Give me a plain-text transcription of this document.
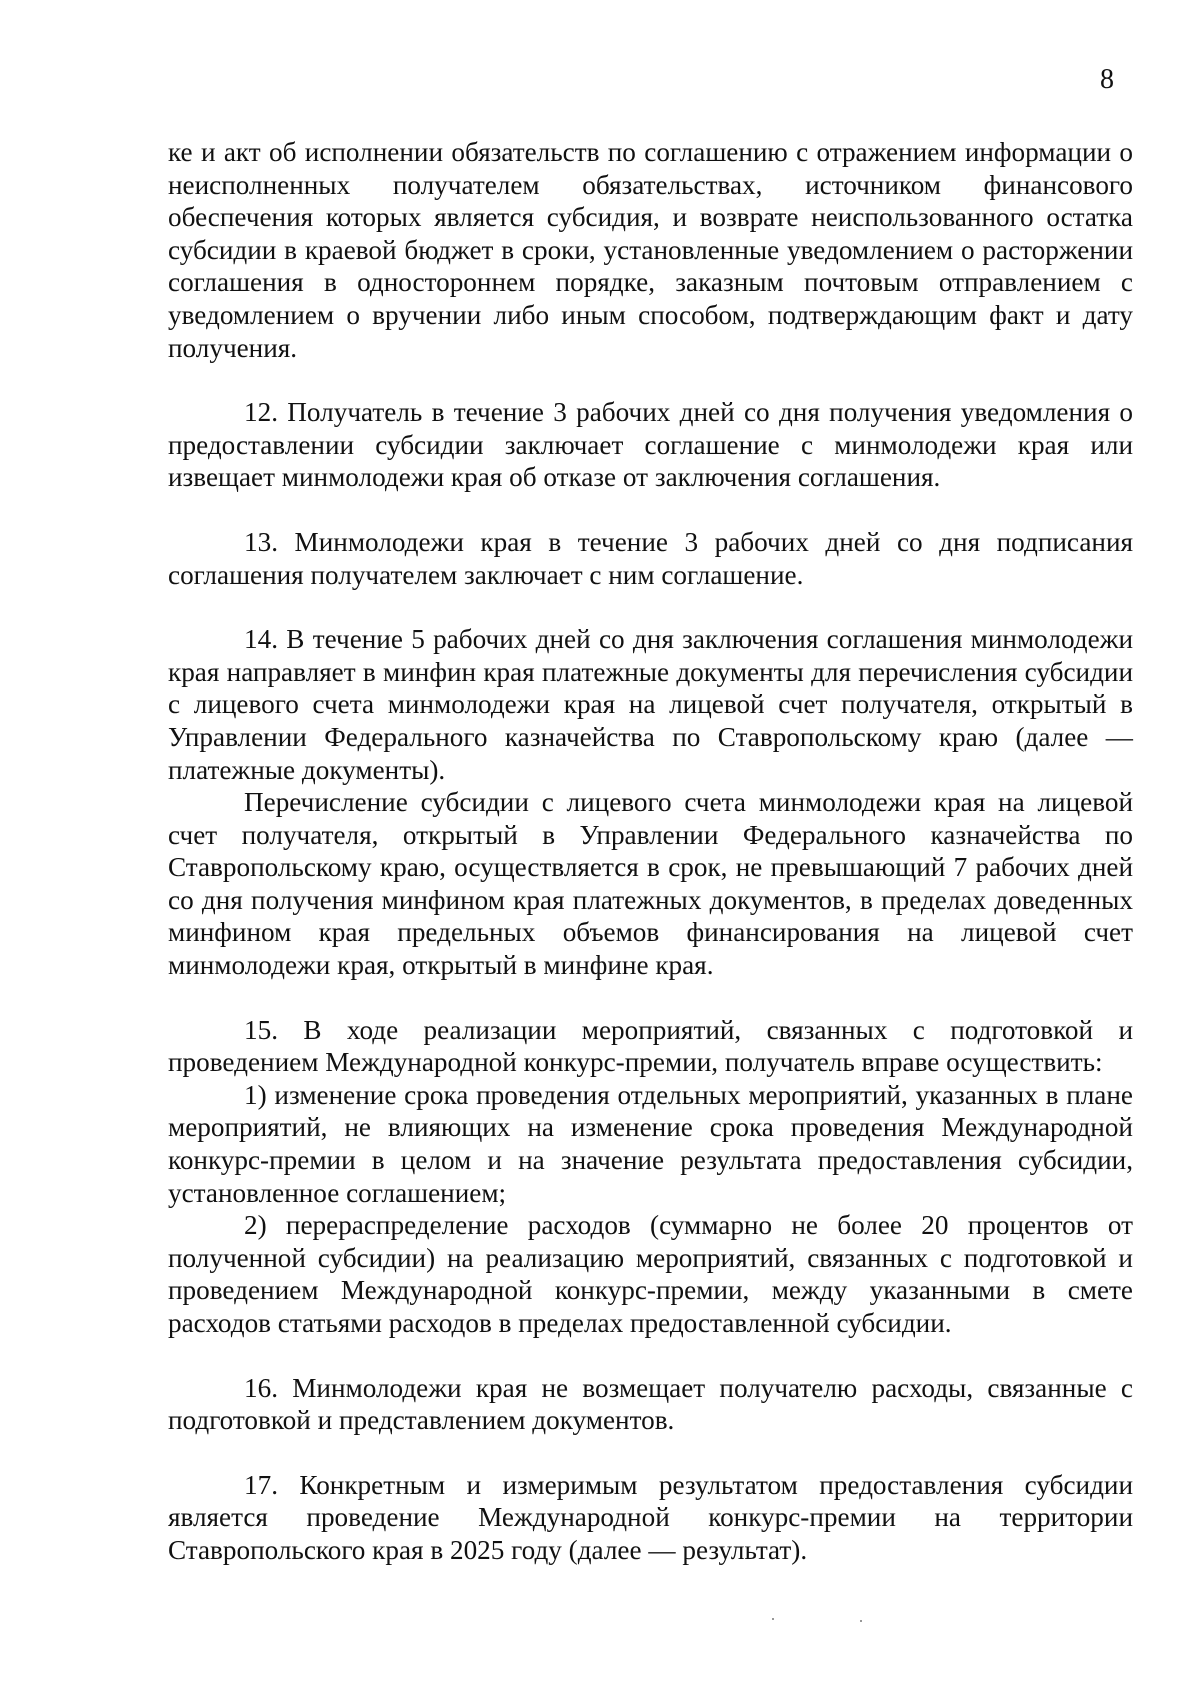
8

ке и акт об исполнении обязательств по соглашению с отражением информации о неисполненных получателем обязательствах, источником финансового обеспечения которых является субсидия, и возврате неиспользованного остатка субсидии в краевой бюджет в сроки, установленные уведомлением о расторжении соглашения в одностороннем порядке, заказным почтовым отправлением с уведомлением о вручении либо иным способом, подтверждающим факт и дату получения.

12. Получатель в течение 3 рабочих дней со дня получения уведомления о предоставлении субсидии заключает соглашение с минмолодежи края или извещает минмолодежи края об отказе от заключения соглашения.

13. Минмолодежи края в течение 3 рабочих дней со дня подписания соглашения получателем заключает с ним соглашение.

14. В течение 5 рабочих дней со дня заключения соглашения минмолодежи края направляет в минфин края платежные документы для перечисления субсидии с лицевого счета минмолодежи края на лицевой счет получателя, открытый в Управлении Федерального казначейства по Ставропольскому краю (далее — платежные документы).

Перечисление субсидии с лицевого счета минмолодежи края на лицевой счет получателя, открытый в Управлении Федерального казначейства по Ставропольскому краю, осуществляется в срок, не превышающий 7 рабочих дней со дня получения минфином края платежных документов, в пределах доведенных минфином края предельных объемов финансирования на лицевой счет минмолодежи края, открытый в минфине края.

15. В ходе реализации мероприятий, связанных с подготовкой и проведением Международной конкурс-премии, получатель вправе осуществить:

1) изменение срока проведения отдельных мероприятий, указанных в плане мероприятий, не влияющих на изменение срока проведения Международной конкурс-премии в целом и на значение результата предоставления субсидии, установленное соглашением;

2) перераспределение расходов (суммарно не более 20 процентов от полученной субсидии) на реализацию мероприятий, связанных с подготовкой и проведением Международной конкурс-премии, между указанными в смете расходов статьями расходов в пределах предоставленной субсидии.

16. Минмолодежи края не возмещает получателю расходы, связанные с подготовкой и представлением документов.

17. Конкретным и измеримым результатом предоставления субсидии является проведение Международной конкурс-премии на территории Ставропольского края в 2025 году (далее — результат).
